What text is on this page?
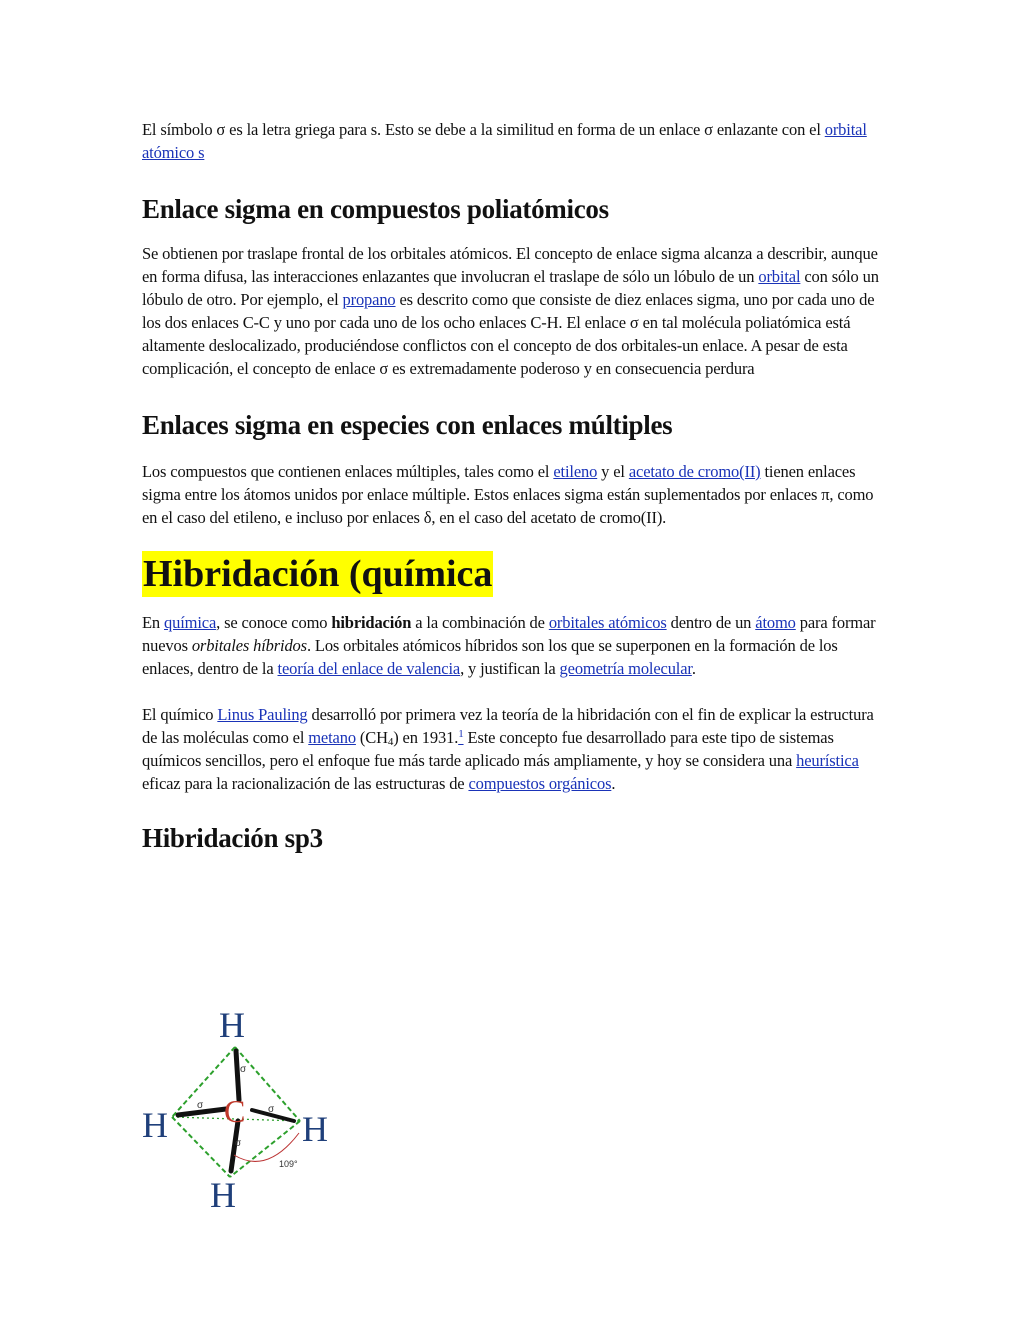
El símbolo σ es la letra griega para s. Esto se debe a la similitud en forma de un enlace σ enlazante con el orbital atómico s

Enlace sigma en compuestos poliatómicos

Se obtienen por traslape frontal de los orbitales atómicos. El concepto de enlace sigma alcanza a describir, aunque en forma difusa, las interacciones enlazantes que involucran el traslape de sólo un lóbulo de un orbital con sólo un lóbulo de otro. Por ejemplo, el propano es descrito como que consiste de diez enlaces sigma, uno por cada uno de los dos enlaces C-C y uno por cada uno de los ocho enlaces C-H. El enlace σ en tal molécula poliatómica está altamente deslocalizado, produciéndose conflictos con el concepto de dos orbitales-un enlace. A pesar de esta complicación, el concepto de enlace σ es extremadamente poderoso y en consecuencia perdura

Enlaces sigma en especies con enlaces múltiples

Los compuestos que contienen enlaces múltiples, tales como el etileno y el acetato de cromo(II) tienen enlaces sigma entre los átomos unidos por enlace múltiple. Estos enlaces sigma están suplementados por enlaces π, como en el caso del etileno, e incluso por enlaces δ, en el caso del acetato de cromo(II).

Hibridación (química

En química, se conoce como hibridación a la combinación de orbitales atómicos dentro de un átomo para formar nuevos orbitales híbridos. Los orbitales atómicos híbridos son los que se superponen en la formación de los enlaces, dentro de la teoría del enlace de valencia, y justifican la geometría molecular.

El químico Linus Pauling desarrolló por primera vez la teoría de la hibridación con el fin de explicar la estructura de las moléculas como el metano $(CH_4)$ en 1931.$^1$ Este concepto fue desarrollado para este tipo de sistemas químicos sencillos, pero el enfoque fue más tarde aplicado más ampliamente, y hoy se considera una heurística eficaz para la racionalización de las estructuras de compuestos orgánicos.

Hibridación sp3
H
H	H
H
C
σ
σ	σ
σ
109°
